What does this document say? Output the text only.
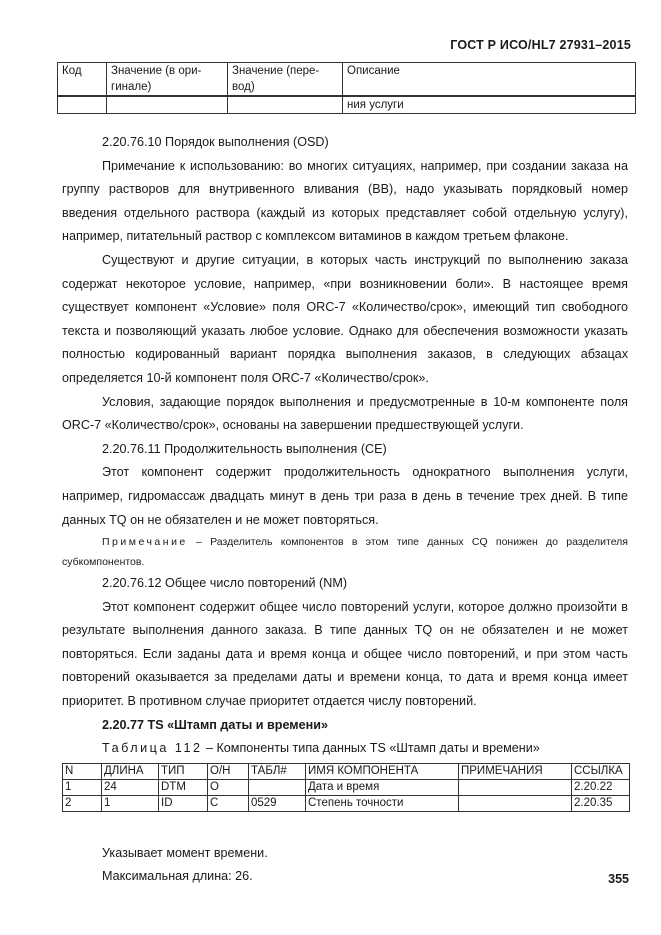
ГОСТ Р ИСО/HL7 27931–2015
Код	Значение (в ори-гинале)	Значение (пере-вод)	Описание
			ния услуги

2.20.76.10 Порядок выполнения (OSD)

Примечание к использованию: во многих ситуациях, например, при создании заказа на группу растворов для внутривенного вливания (ВВ), надо указывать порядковый номер введения отдельного раствора (каждый из которых представляет собой отдельную услугу), например, питательный раствор с комплексом витаминов в каждом третьем флаконе.

Существуют и другие ситуации, в которых часть инструкций по выполнению заказа содержат некоторое условие, например, «при возникновении боли». В настоящее время существует компонент «Условие» поля ORC-7 «Количество/срок», имеющий тип свободного текста и позволяющий указать любое условие. Однако для обеспечения возможности указать полностью кодированный вариант порядка выполнения заказов, в следующих абзацах определяется 10-й компонент поля ORC-7 «Количество/срок».

Условия, задающие порядок выполнения и предусмотренные в 10-м компоненте поля ORC-7 «Количество/срок», основаны на завершении предшествующей услуги.

2.20.76.11 Продолжительность выполнения (CE)

Этот компонент содержит продолжительность однократного выполнения услуги, например, гидромассаж двадцать минут в день три раза в день в течение трех дней. В типе данных TQ он не обязателен и не может повторяться.

Примечание – Разделитель компонентов в этом типе данных CQ понижен до разделителя субкомпонентов.

2.20.76.12 Общее число повторений (NM)

Этот компонент содержит общее число повторений услуги, которое должно произойти в результате выполнения данного заказа. В типе данных TQ он не обязателен и не может повторяться. Если заданы дата и время конца и общее число повторений, и при этом часть повторений оказывается за пределами даты и времени конца, то дата и время конца имеет приоритет. В противном случае приоритет отдается числу повторений.

2.20.77 TS «Штамп даты и времени»

Таблица 112 – Компоненты типа данных TS «Штамп даты и времени»

N	ДЛИНА	ТИП	О/Н	ТАБЛ#	ИМЯ КОМПОНЕНТА	ПРИМЕЧАНИЯ	ССЫЛКА
1	24	DTM	O		Дата и время		2.20.22
2	1	ID	C	0529	Степень точности		2.20.35

Указывает момент времени.

Максимальная длина: 26.	355
